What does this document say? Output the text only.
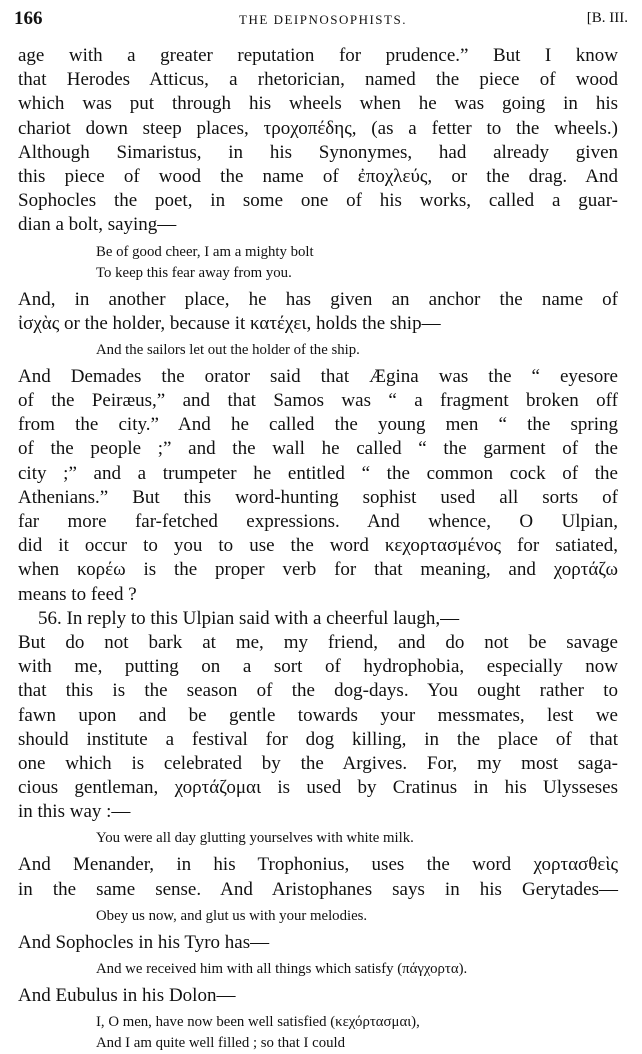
166	THE DEIPNOSOPHISTS.	[B. III.
age with a greater reputation for prudence.” But I know
that Herodes Atticus, a rhetorician, named the piece of wood
which was put through his wheels when he was going in his
chariot down steep places, τροχοπέδης, (as a fetter to the wheels.)
Although Simaristus, in his Synonymes, had already given
this piece of wood the name of ἐποχλεύς, or the drag. And
Sophocles the poet, in some one of his works, called a guar-
dian a bolt, saying—
Be of good cheer, I am a mighty bolt
To keep this fear away from you.
And, in another place, he has given an anchor the name of
ἰσχὰς or the holder, because it κατέχει, holds the ship—
And the sailors let out the holder of the ship.
And Demades the orator said that Ægina was the “ eyesore
of the Peiræus,” and that Samos was “ a fragment broken off
from the city.” And he called the young men “ the spring
of the people ;” and the wall he called “ the garment of the
city ;” and a trumpeter he entitled “ the common cock of the
Athenians.” But this word-hunting sophist used all sorts of
far more far-fetched expressions. And whence, O Ulpian,
did it occur to you to use the word κεχορτασμένος for satiated,
when κορέω is the proper verb for that meaning, and χορτάζω
means to feed ?
56. In reply to this Ulpian said with a cheerful laugh,—
But do not bark at me, my friend, and do not be savage
with me, putting on a sort of hydrophobia, especially now
that this is the season of the dog-days. You ought rather to
fawn upon and be gentle towards your messmates, lest we
should institute a festival for dog killing, in the place of that
one which is celebrated by the Argives. For, my most saga-
cious gentleman, χορτάζομαι is used by Cratinus in his Ulysseses
in this way :—
You were all day glutting yourselves with white milk.
And Menander, in his Trophonius, uses the word χορτασθεὶς
in the same sense. And Aristophanes says in his Gerytades—
Obey us now, and glut us with your melodies.
And Sophocles in his Tyro has—
And we received him with all things which satisfy (πάγχορτα).
And Eubulus in his Dolon—
I, O men, have now been well satisfied (κεχόρτασμαι),
And I am quite well filled ; so that I could
